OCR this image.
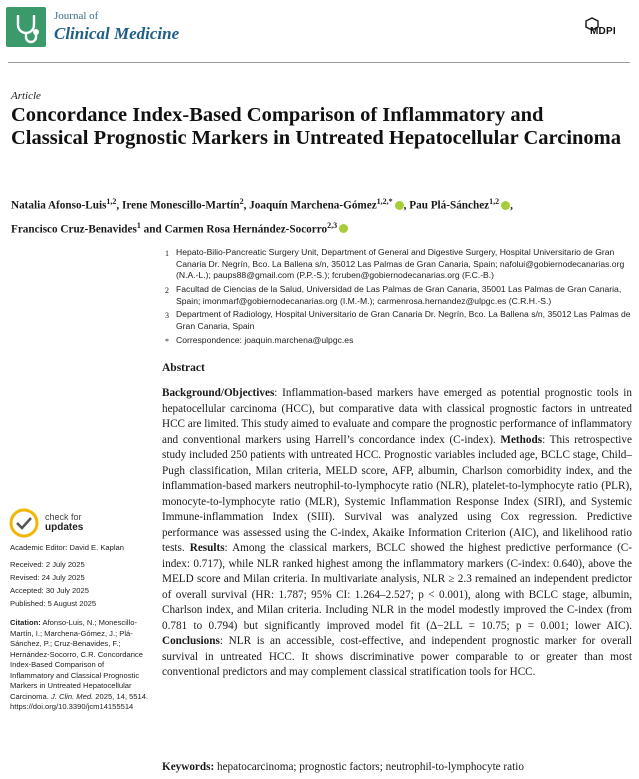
Journal of
Clinical Medicine	MDPI
Article
Concordance Index-Based Comparison of Inflammatory and Classical Prognostic Markers in Untreated Hepatocellular Carcinoma
Natalia Afonso-Luis$^{1,2}$, Irene Monescillo-Martín$^2$, Joaquín Marchena-Gómez$^{1,2,*}$ , Pau Plá-Sánchez$^{1,2}$ ,
Francisco Cruz-Benavides$^1$ and Carmen Rosa Hernández-Socorro$^{2,3}$
1 Hepato-Bilio-Pancreatic Surgery Unit, Department of General and Digestive Surgery, Hospital Universitario de Gran Canaria Dr. Negrín, Bco. La Ballena s/n, 35012 Las Palmas de Gran Canaria, Spain; nafolui@gobiernodecanarias.org (N.A.-L.); paups88@gmail.com (P.P.-S.); fcruben@gobiernodecanarias.org (F.C.-B.)
2 Facultad de Ciencias de la Salud, Universidad de Las Palmas de Gran Canaria, 35001 Las Palmas de Gran Canaria, Spain; imonmarf@gobiernodecanarias.org (I.M.-M.); carmenrosa.hernandez@ulpgc.es (C.R.H.-S.)
3 Department of Radiology, Hospital Universitario de Gran Canaria Dr. Negrín, Bco. La Ballena s/n, 35012 Las Palmas de Gran Canaria, Spain
* Correspondence: joaquin.marchena@ulpgc.es
Abstract
Background/Objectives: Inflammation-based markers have emerged as potential prognostic tools in hepatocellular carcinoma (HCC), but comparative data with classical prognostic factors in untreated HCC are limited. This study aimed to evaluate and compare the prognostic performance of inflammatory and conventional markers using Harrell’s concordance index (C-index). Methods: This retrospective study included 250 patients with untreated HCC. Prognostic variables included age, BCLC stage, Child–Pugh classification, Milan criteria, MELD score, AFP, albumin, Charlson comorbidity index, and the inflammation-based markers neutrophil-to-lymphocyte ratio (NLR), platelet-to-lymphocyte ratio (PLR), monocyte-to-lymphocyte ratio (MLR), Systemic Inflammation Response Index (SIRI), and Systemic Immune-inflammation Index (SIII). Survival was analyzed using Cox regression. Predictive performance was assessed using the C-index, Akaike Information Criterion (AIC), and likelihood ratio tests. Results: Among the classical markers, BCLC showed the highest predictive performance (C-index: 0.717), while NLR ranked highest among the inflammatory markers (C-index: 0.640), above the MELD score and Milan criteria. In multivariate analysis, NLR ≥ 2.3 remained an independent predictor of overall survival (HR: 1.787; 95% CI: 1.264–2.527; p < 0.001), along with BCLC stage, albumin, Charlson index, and Milan criteria. Including NLR in the model modestly improved the C-index (from 0.781 to 0.794) but significantly improved model fit (Δ−2LL = 10.75; p = 0.001; lower AIC). Conclusions: NLR is an accessible, cost-effective, and independent prognostic marker for overall survival in untreated HCC. It shows discriminative power comparable to or greater than most conventional predictors and may complement classical stratification tools for HCC.
Keywords: hepatocarcinoma; prognostic factors; neutrophil-to-lymphocyte ratio
check for
updates
Academic Editor: David E. Kaplan
Received: 2 July 2025
Revised: 24 July 2025
Accepted: 30 July 2025
Published: 5 August 2025
Citation: Afonso-Luis, N.; Monescillo-Martín, I.; Marchena-Gómez, J.; Plá-Sánchez, P.; Cruz-Benavides, F.; Hernández-Socorro, C.R. Concordance Index-Based Comparison of Inflammatory and Classical Prognostic Markers in Untreated Hepatocellular Carcinoma. J. Clin. Med. 2025, 14, 5514. https://doi.org/10.3390/jcm14155514
